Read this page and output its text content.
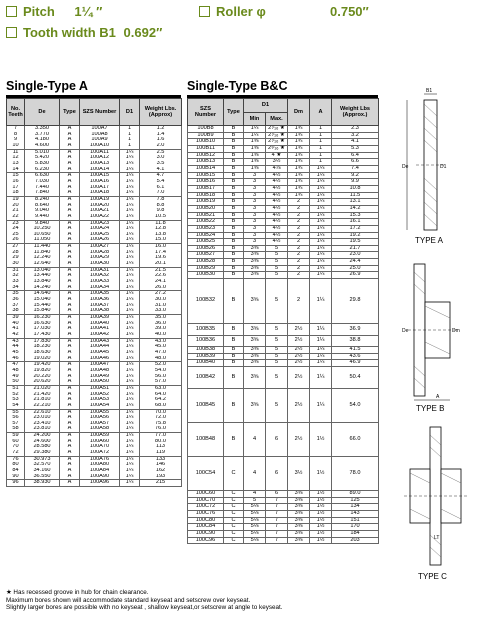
Pitch 1¼ ″	Roller φ	0.750″
Tooth width B1 0.692″
Single-Type A	Single-Type B&C
No. Teeth	De	Type	SZS Number	D1	Weight Lbs. (Approx)
7	3.350	A	100A7	1	1.2
8	3.770	A	100A8	1	1.4
9	4.180	A	100A9	1	1.6
10	4.600	A	100A10	1	2.0
11	5.010	A	100A11	1¼	2.5
12	5.420	A	100A12	1¼	3.0
13	5.830	A	100A13	1¼	3.5
14	6.230	A	100A14	1¼	4.1
15	6.630	A	100A15	1¼	4.7
16	7.030	A	100A16	1¼	5.4
17	7.440	A	100A17	1¼	6.1
18	7.840	A	100A18	1¼	7.0
19	8.240	A	100A19	1¼	7.8
20	8.640	A	100A20	1¼	8.8
21	9.040	A	100A21	1¼	9.8
22	9.440	A	100A22	1¼	10.5
23	9.840	A	100A23	1¼	11.8
24	10.250	A	100A24	1¼	12.8
25	10.650	A	100A25	1¼	13.8
26	11.050	A	100A26	1¼	15.0
27	11.440	A	100A27	1¼	16.0
28	11.840	A	100A28	1¼	17.4
29	12.240	A	100A29	1¼	19.6
30	12.640	A	100A30	1¼	20.1
31	13.040	A	100A31	1¼	21.5
32	13.440	A	100A32	1¼	22.6
33	13.840	A	100A33	1¼	24.1
34	14.240	A	100A34	1¼	26.0
35	14.640	A	100A35	1¼	27.2
36	15.040	A	100A36	1¼	30.0
37	15.440	A	100A37	1¼	31.0
38	15.840	A	100A38	1¼	33.0
39	16.230	A	100A39	1¼	35.0
40	16.630	A	100A40	1¼	36.0
41	17.030	A	100A41	1¼	39.0
42	17.430	A	100A42	1¼	40.0
43	17.830	A	100A43	1¼	43.0
44	18.230	A	100A44	1¼	45.0
45	18.630	A	100A45	1¼	47.0
46	19.020	A	100A46	1¼	48.0
47	19.420	A	100A47	1¼	52.0
48	19.820	A	100A48	1¼	54.0
49	20.220	A	100A49	1¼	56.0
50	20.620	A	100A50	1¼	57.0
51	21.020	A	100A51	1¼	63.0
52	21.420	A	100A52	1¼	64.0
53	21.810	A	100A53	1¼	64.2
54	22.210	A	100A54	1¼	68.0
55	22.610	A	100A55	1¼	70.0
56	23.010	A	100A56	1¼	72.0
57	23.410	A	100A57	1¼	75.8
58	23.810	A	100A58	1¼	76.0
59	24.200	A	100A59	1¼	77.0
60	24.600	A	100A60	1¼	80.0
70	28.580	A	100A70	1¼	113
72	29.380	A	100A72	1¼	119
76	30.973	A	100A76	1¼	133
80	32.570	A	100A80	1¼	146
84	34.160	A	100A84	1¼	162
90	36.550	A	100A90	1¼	193
96	38.930	A	100A96	1¼	215
SZS Number	Type	D1		Dm	A	Weight Lbs (Approx.)
		Min	Max.			
100B8	B	1¼	2⁷⁄₁₆ ★	1¾	1	2.3
100B9	B	1¼	2⁷⁄₁₆ ★	1¾	1	3.2
100B10	B	1⅜	2⁷⁄₁₆ ★	1¾	1	4.1
100B11	B	1⅜	2⁵⁄₁₆ ★	1¾	1	5.3
100B12	B	1⅜	4 ★	1¾	1	6.4
100B13	B	1⅜	3½	1¾	1	6.6
100B14	B	1⅜	4⅞	1¾	1¼	7.4
100B15	B	3	4½	1¾	1¼	9.2
100B16	B	3	4½	1¾	1¼	9.9
100B17	B	3	4½	1¾	1¼	10.8
100B18	B	3	4½	1¾	1¼	11.5
100B19	B	3	4½	2	1¼	13.1
100B20	B	3	4½	2	1¼	14.2
100B21	B	3	4½	2	1¼	15.3
100B22	B	3	4½	2	1¼	16.1
100B23	B	3	4½	2	1¼	17.2
100B24	B	3	4½	2	1¼	19.2
100B25	B	3	4½	2	1¼	19.5
100B26	B	3⅝	5	2	1¼	21.7
100B27	B	3⅝	5	2	1¼	23.0
100B28	B	3⅝	5	2	1¼	24.4
100B29	B	3⅝	5	2	1¼	25.0
100B30	B	3⅝	5	2	1¼	26.9
100B32	B	3⅝	5	2	1¼	29.8
100B35	B	3⅝	5	2½	1¼	36.9
100B36	B	3⅝	5	2½	1¼	38.8
100B38	B	3⅝	5	2½	1¼	41.5
100B39	B	3⅝	5	2½	1¼	43.6
100B40	B	3⅝	5	2½	1¼	46.9
100B42	B	3⅝	5	2½	1¼	50.4
100B45	B	3⅝	5	2½	1¼	54.0
100B48	B	4	6	2½	1½	66.0
100C54	C	4	6	3½	1½	78.0
100C60	C	4	6	3⅜	1½	89.0
100C70	C	5	7	3⅜	1½	125
100C72	C	5⅛	7	3⅜	1½	134
100C76	C	5⅛	7	3⅜	1½	143
100C80	C	5⅛	7	3⅜	1½	151
100C84	C	5⅛	7	3⅜	1½	170
100C90	C	5⅛	7	3⅜	1½	184
100C96	C	5⅛	7	3⅜	1½	203
B1
De	D1
TYPE A
De	Dm
A
TYPE B
LT
TYPE C
★ Has recessed groove in hub for chain clearance.
Maximum bores shown will accommodate standard keyseat and setscrew over keyseat.
Slightly larger bores are possible with no keyseat , shallow keyseat,or setscrew at angle to keyseat.
